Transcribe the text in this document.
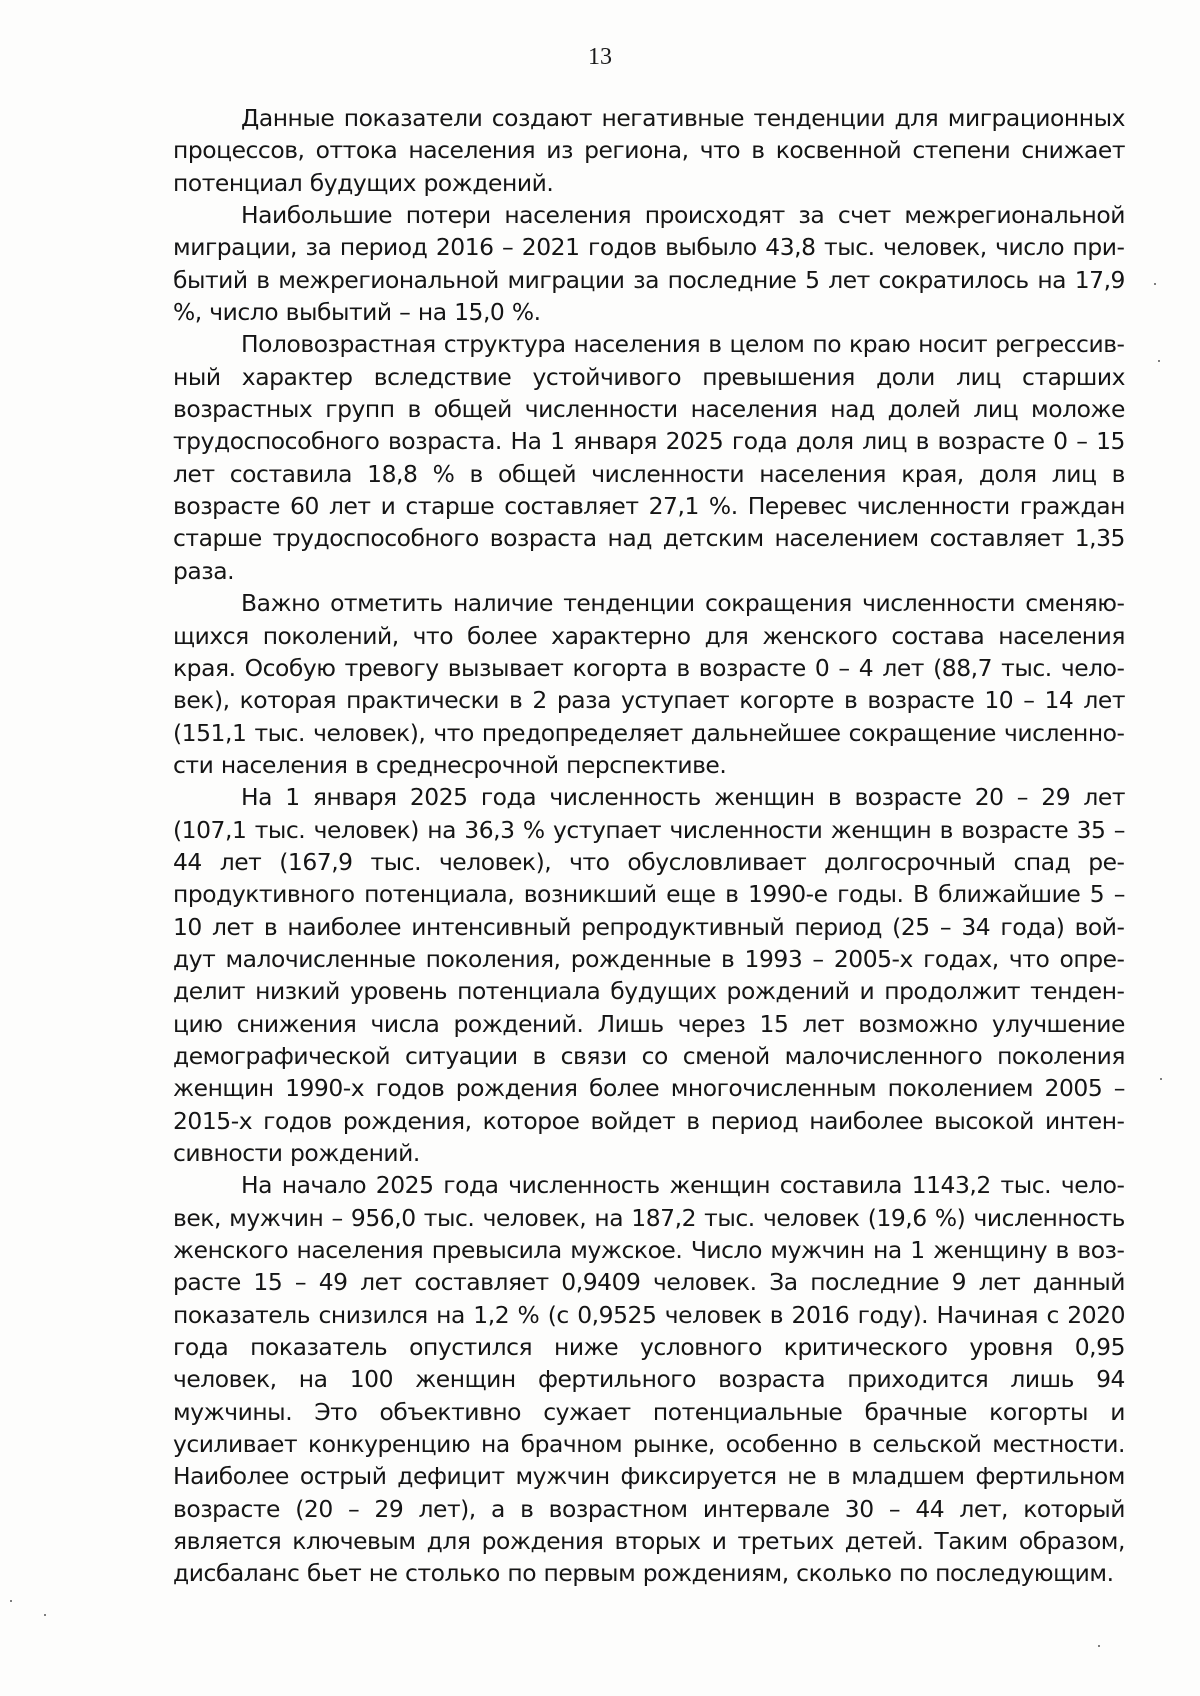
13

Данные показатели создают негативные тенденции для миграционных процессов, оттока населения из региона, что в косвенной степени снижает потенциал будущих рождений.

Наибольшие потери населения происходят за счет межрегиональной миграции, за период 2016 – 2021 годов выбыло 43,8 тыс. человек, число прибытий в межрегиональной миграции за последние 5 лет сократилось на 17,9 %, число выбытий – на 15,0 %.

Половозрастная структура населения в целом по краю носит регрессивный характер вследствие устойчивого превышения доли лиц старших возрастных групп в общей численности населения над долей лиц моложе трудоспособного возраста. На 1 января 2025 года доля лиц в возрасте 0 – 15 лет составила 18,8 % в общей численности населения края, доля лиц в возрасте 60 лет и старше составляет 27,1 %. Перевес численности граждан старше трудоспособного возраста над детским населением составляет 1,35 раза.

Важно отметить наличие тенденции сокращения численности сменяющихся поколений, что более характерно для женского состава населения края. Особую тревогу вызывает когорта в возрасте 0 – 4 лет (88,7 тыс. человек), которая практически в 2 раза уступает когорте в возрасте 10 – 14 лет (151,1 тыс. человек), что предопределяет дальнейшее сокращение численности населения в среднесрочной перспективе.

На 1 января 2025 года численность женщин в возрасте 20 – 29 лет (107,1 тыс. человек) на 36,3 % уступает численности женщин в возрасте 35 – 44 лет (167,9 тыс. человек), что обусловливает долгосрочный спад репродуктивного потенциала, возникший еще в 1990-е годы. В ближайшие 5 – 10 лет в наиболее интенсивный репродуктивный период (25 – 34 года) войдут малочисленные поколения, рожденные в 1993 – 2005-х годах, что определит низкий уровень потенциала будущих рождений и продолжит тенденцию снижения числа рождений. Лишь через 15 лет возможно улучшение демографической ситуации в связи со сменой малочисленного поколения женщин 1990-х годов рождения более многочисленным поколением 2005 – 2015-х годов рождения, которое войдет в период наиболее высокой интенсивности рождений.

На начало 2025 года численность женщин составила 1143,2 тыс. человек, мужчин – 956,0 тыс. человек, на 187,2 тыс. человек (19,6 %) численность женского населения превысила мужское. Число мужчин на 1 женщину в возрасте 15 – 49 лет составляет 0,9409 человек. За последние 9 лет данный показатель снизился на 1,2 % (с 0,9525 человек в 2016 году). Начиная с 2020 года показатель опустился ниже условного критического уровня 0,95 человек, на 100 женщин фертильного возраста приходится лишь 94 мужчины. Это объективно сужает потенциальные брачные когорты и усиливает конкуренцию на брачном рынке, особенно в сельской местности. Наиболее острый дефицит мужчин фиксируется не в младшем фертильном возрасте (20 – 29 лет), а в возрастном интервале 30 – 44 лет, который является ключевым для рождения вторых и третьих детей. Таким образом, дисбаланс бьет не столько по первым рождениям, сколько по последующим.
